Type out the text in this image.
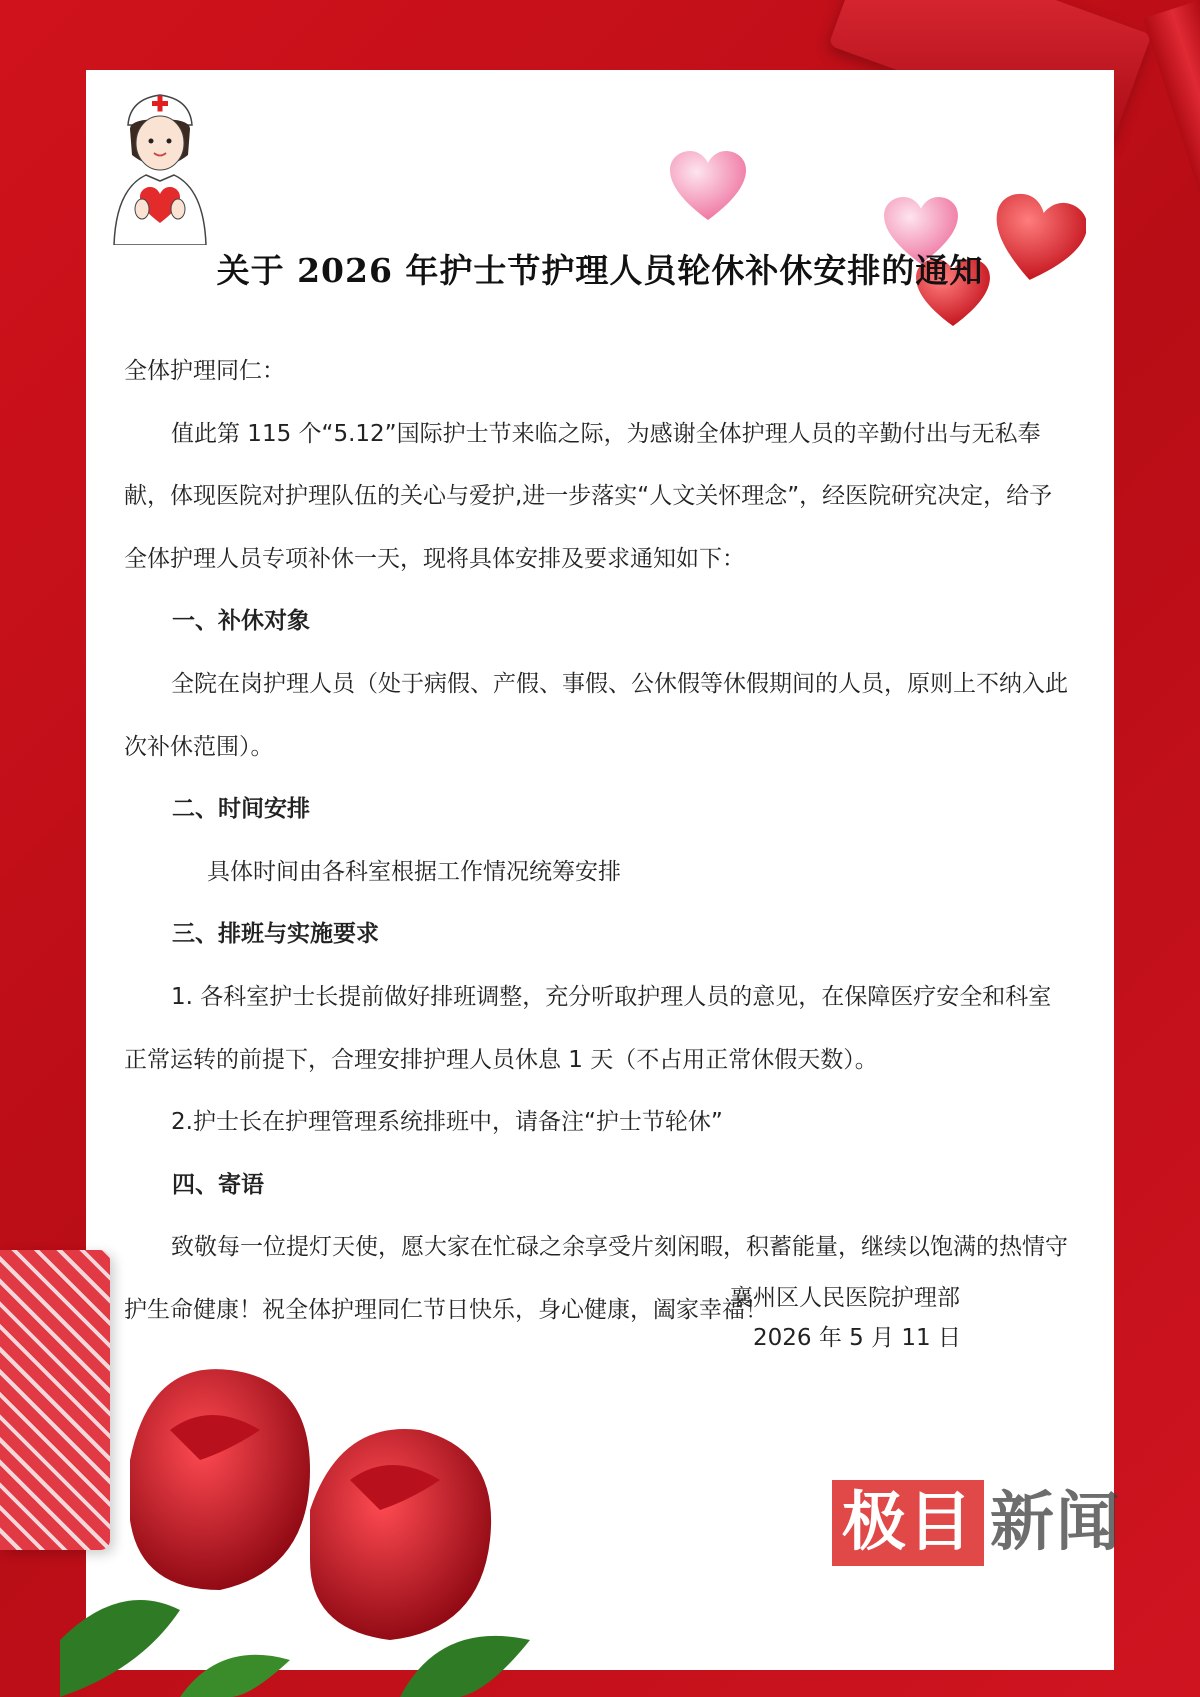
关于 2026 年护士节护理人员轮休补休安排的通知

全体护理同仁：

值此第 115 个“5.12”国际护士节来临之际，为感谢全体护理人员的辛勤付出与无私奉献，体现医院对护理队伍的关心与爱护,进一步落实“人文关怀理念”，经医院研究决定，给予全体护理人员专项补休一天，现将具体安排及要求通知如下：

一、补休对象

全院在岗护理人员（处于病假、产假、事假、公休假等休假期间的人员，原则上不纳入此次补休范围）。

二、时间安排

具体时间由各科室根据工作情况统筹安排

三、排班与实施要求

1. 各科室护士长提前做好排班调整，充分听取护理人员的意见，在保障医疗安全和科室正常运转的前提下，合理安排护理人员休息 1 天（不占用正常休假天数）。

2.护士长在护理管理系统排班中，请备注“护士节轮休”

四、寄语

致敬每一位提灯天使，愿大家在忙碌之余享受片刻闲暇，积蓄能量，继续以饱满的热情守护生命健康！祝全体护理同仁节日快乐，身心健康，阖家幸福！

襄州区人民医院护理部
2026 年 5 月 11 日
极目 新闻
